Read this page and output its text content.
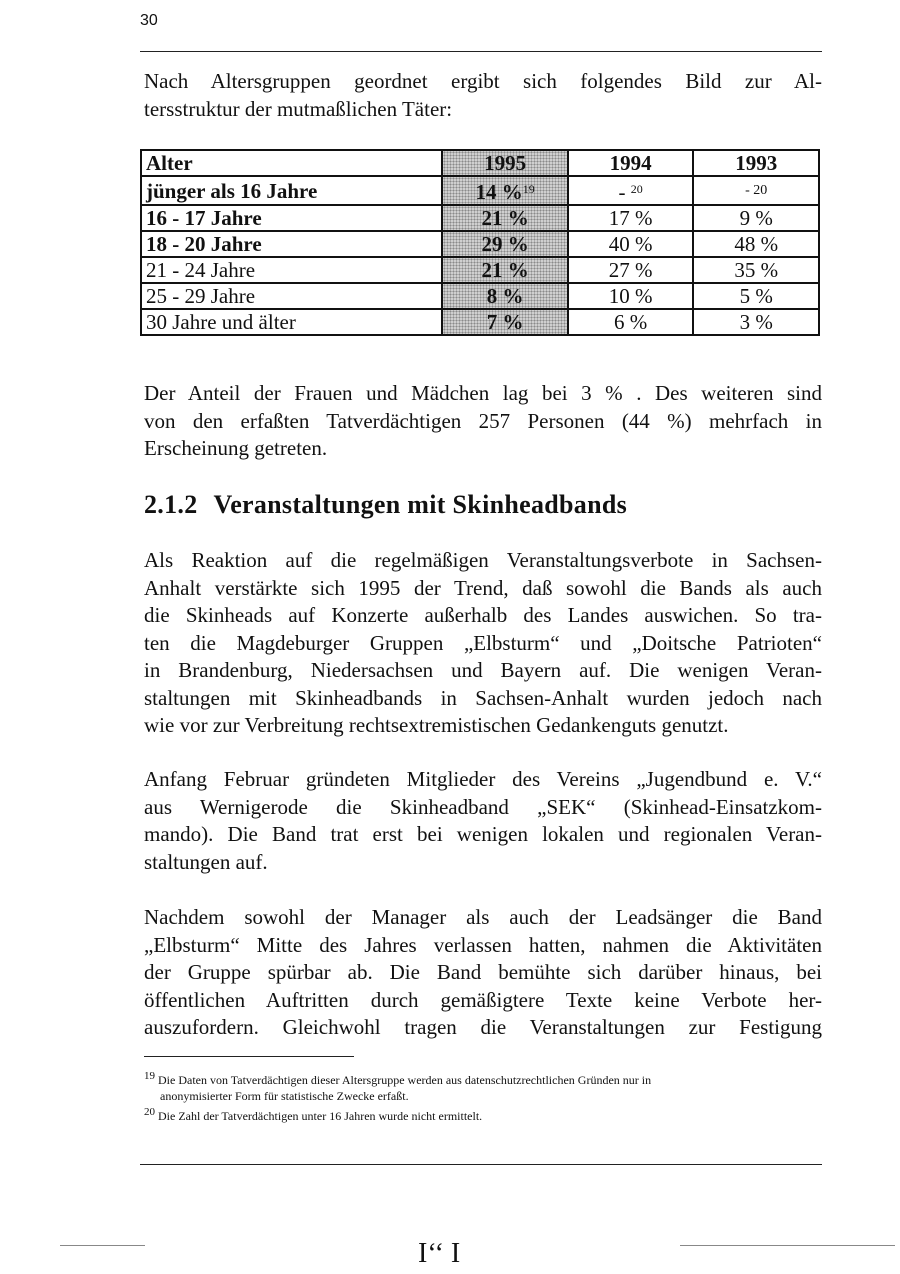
30
Nach Altersgruppen geordnet ergibt sich folgendes Bild zur Al-
tersstruktur der mutmaßlichen Täter:
Alter	1995	1994	1993
jünger als 16 Jahre	14 %$^{19}$	- $^{20}$	- 20
16 - 17 Jahre	21 %	17 %	9 %
18 - 20 Jahre	29 %	40 %	48 %
21 - 24 Jahre	21 %	27 %	35 %
25 - 29 Jahre	8 %	10 %	5 %
30 Jahre und älter	7 %	6 %	3 %
Der Anteil der Frauen und Mädchen lag bei 3 % . Des weiteren sind
von den erfaßten Tatverdächtigen 257 Personen (44 %) mehrfach in
Erscheinung getreten.
2.1.2 Veranstaltungen mit Skinheadbands
Als Reaktion auf die regelmäßigen Veranstaltungsverbote in Sachsen-
Anhalt verstärkte sich 1995 der Trend, daß sowohl die Bands als auch
die Skinheads auf Konzerte außerhalb des Landes auswichen. So tra-
ten die Magdeburger Gruppen „Elbsturm“ und „Doitsche Patrioten“
in Brandenburg, Niedersachsen und Bayern auf. Die wenigen Veran-
staltungen mit Skinheadbands in Sachsen-Anhalt wurden jedoch nach
wie vor zur Verbreitung rechtsextremistischen Gedankenguts genutzt.
Anfang Februar gründeten Mitglieder des Vereins „Jugendbund e. V.“
aus Wernigerode die Skinheadband „SEK“ (Skinhead-Einsatzkom-
mando). Die Band trat erst bei wenigen lokalen und regionalen Veran-
staltungen auf.
Nachdem sowohl der Manager als auch der Leadsänger die Band
„Elbsturm“ Mitte des Jahres verlassen hatten, nahmen die Aktivitäten
der Gruppe spürbar ab. Die Band bemühte sich darüber hinaus, bei
öffentlichen Auftritten durch gemäßigtere Texte keine Verbote her-
auszufordern. Gleichwohl tragen die Veranstaltungen zur Festigung
$^{19}$ Die Daten von Tatverdächtigen dieser Altersgruppe werden aus datenschutzrechtlichen Gründen nur in
anonymisierter Form für statistische Zwecke erfaßt.
$^{20}$ Die Zahl der Tatverdächtigen unter 16 Jahren wurde nicht ermittelt.
I‘‘ I
